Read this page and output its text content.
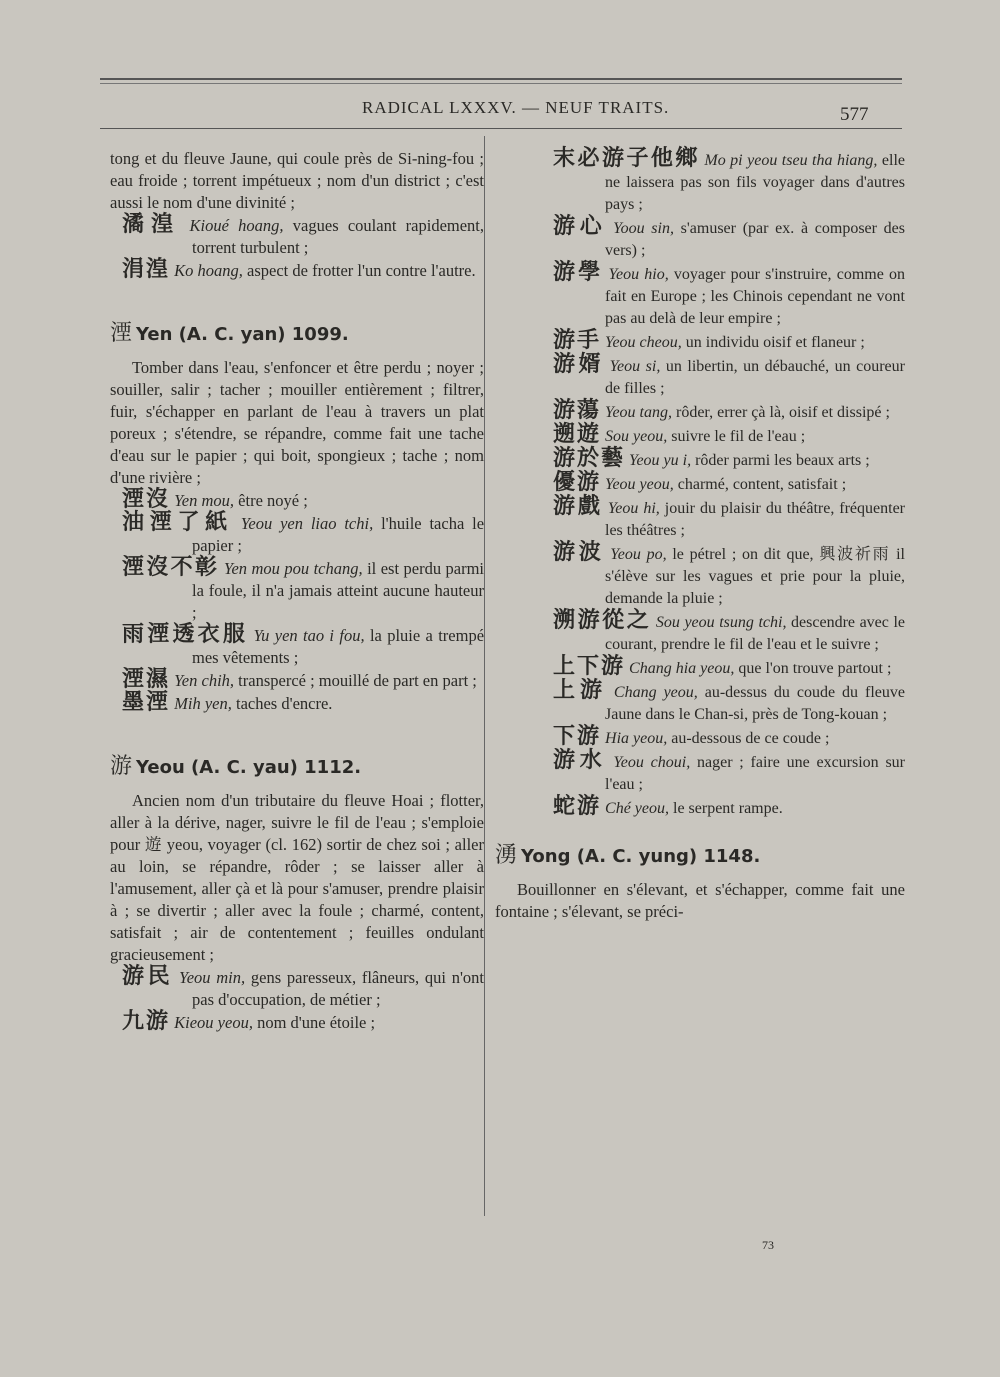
RADICAL LXXXV. — NEUF TRAITS.	577

tong et du fleuve Jaune, qui coule près de Si-ning-fou ; eau froide ; torrent impétueux ; nom d'un district ; c'est aussi le nom d'une divinité ;

潏湟 Kioué hoang, vagues coulant rapidement, torrent turbulent ;

涓湟 Ko hoang, aspect de frotter l'un contre l'autre.

湮 Yen (A. C. yan) 1099.

Tomber dans l'eau, s'enfoncer et être perdu ; noyer ; souiller, salir ; tacher ; mouiller entièrement ; filtrer, fuir, s'échapper en parlant de l'eau à travers un plat poreux ; s'étendre, se répandre, comme fait une tache d'eau sur le papier ; qui boit, spongieux ; tache ; nom d'une rivière ;

湮沒 Yen mou, être noyé ;

油湮了紙 Yeou yen liao tchi, l'huile tacha le papier ;

湮沒不彰 Yen mou pou tchang, il est perdu parmi la foule, il n'a jamais atteint aucune hauteur ;

雨湮透衣服 Yu yen tao i fou, la pluie a trempé mes vêtements ;

湮濕 Yen chih, transpercé ; mouillé de part en part ;

墨湮 Mih yen, taches d'encre.

游 Yeou (A. C. yau) 1112.

Ancien nom d'un tributaire du fleuve Hoai ; flotter, aller à la dérive, nager, suivre le fil de l'eau ; s'emploie pour 遊 yeou, voyager (cl. 162) sortir de chez soi ; aller au loin, se répandre, rôder ; se laisser aller à l'amusement, aller çà et là pour s'amuser, prendre plaisir à ; se divertir ; aller avec la foule ; charmé, content, satisfait ; air de contentement ; feuilles ondulant gracieusement ;

游民 Yeou min, gens paresseux, flâneurs, qui n'ont pas d'occupation, de métier ;

九游 Kieou yeou, nom d'une étoile ;

末必游子他鄉 Mo pi yeou tseu tha hiang, elle ne laissera pas son fils voyager dans d'autres pays ;

游心 Yoou sin, s'amuser (par ex. à composer des vers) ;

游學 Yeou hio, voyager pour s'instruire, comme on fait en Europe ; les Chinois cependant ne vont pas au delà de leur empire ;

游手 Yeou cheou, un individu oisif et flaneur ;

游婿 Yeou si, un libertin, un débauché, un coureur de filles ;

游蕩 Yeou tang, rôder, errer çà là, oisif et dissipé ;

遡遊 Sou yeou, suivre le fil de l'eau ;

游於藝 Yeou yu i, rôder parmi les beaux arts ;

優游 Yeou yeou, charmé, content, satisfait ;

游戲 Yeou hi, jouir du plaisir du théâtre, fréquenter les théâtres ;

游波 Yeou po, le pétrel ; on dit que, 興波祈雨 il s'élève sur les vagues et prie pour la pluie, demande la pluie ;

溯游從之 Sou yeou tsung tchi, descendre avec le courant, prendre le fil de l'eau et le suivre ;

上下游 Chang hia yeou, que l'on trouve partout ;

上游 Chang yeou, au-dessus du coude du fleuve Jaune dans le Chan-si, près de Tong-kouan ;

下游 Hia yeou, au-dessous de ce coude ;

游水 Yeou choui, nager ; faire une excursion sur l'eau ;

蛇游 Ché yeou, le serpent rampe.

湧 Yong (A. C. yung) 1148.

Bouillonner en s'élevant, et s'échapper, comme fait une fontaine ; s'élevant, se préci-

73
